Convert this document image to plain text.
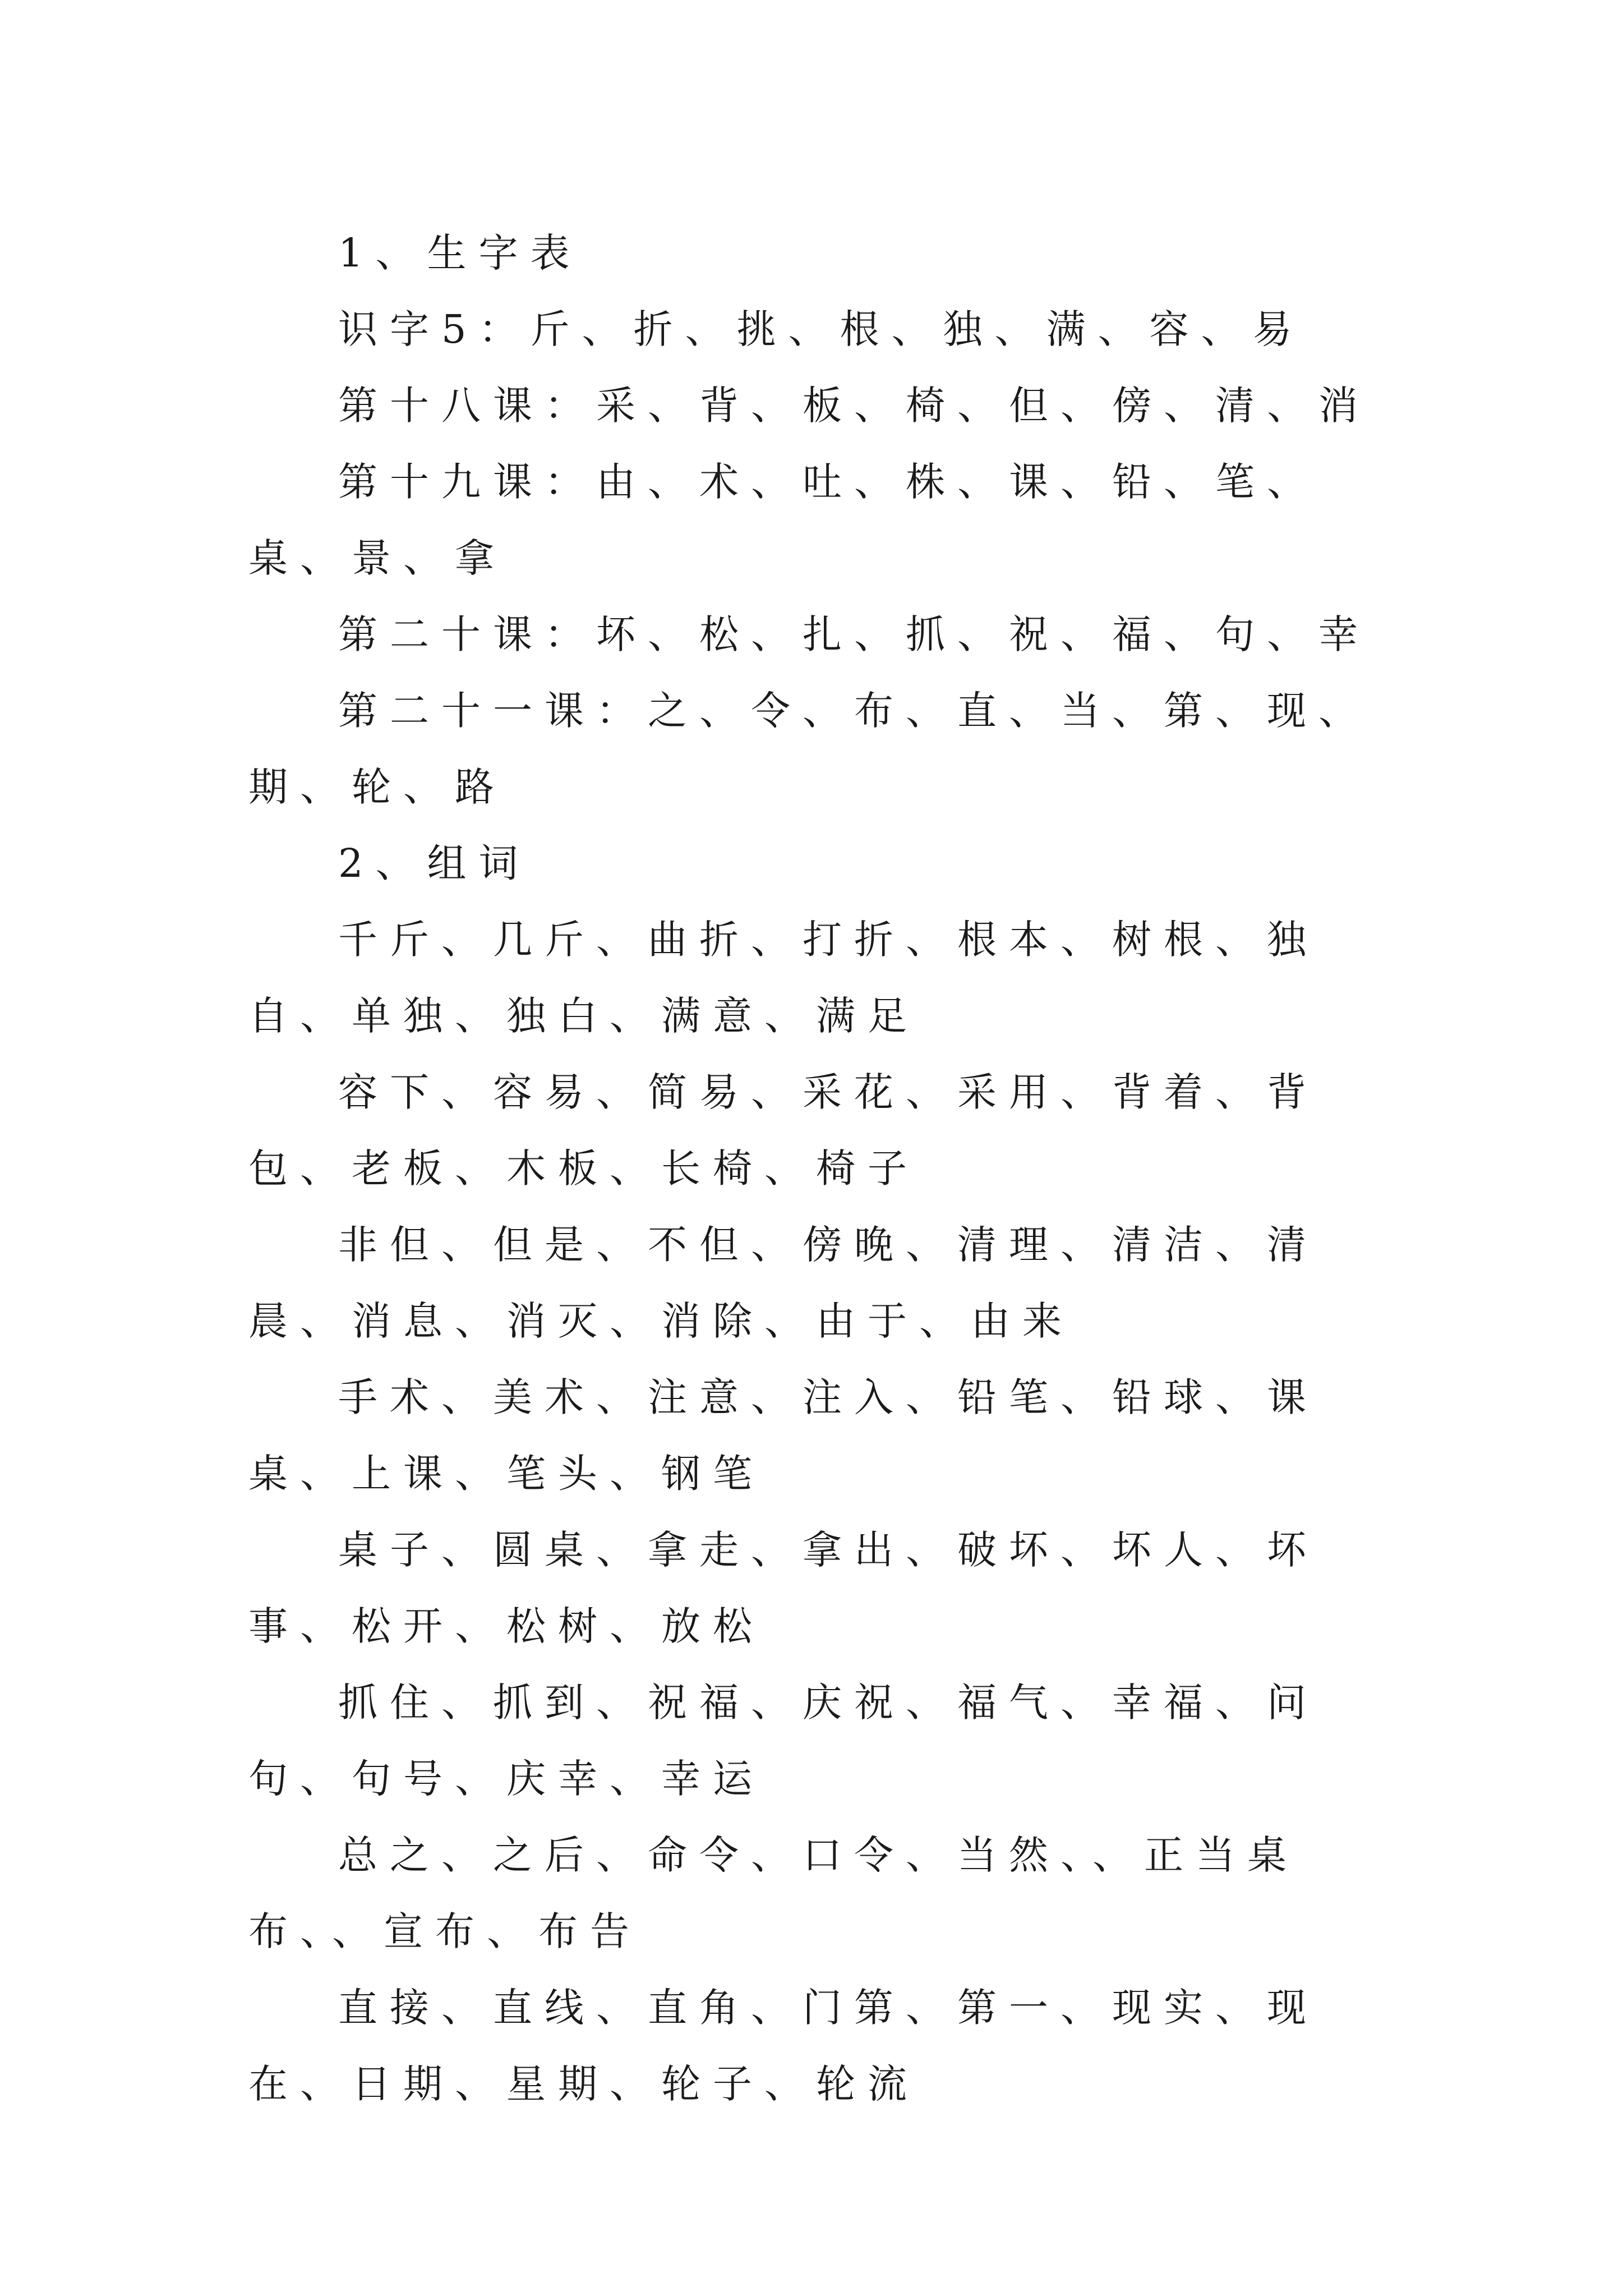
1、生字表

识字5：斤、折、挑、根、独、满、容、易

第十八课：采、背、板、椅、但、傍、清、消

第十九课：由、术、吐、株、课、铅、笔、桌、景、拿

第二十课：坏、松、扎、抓、祝、福、句、幸

第二十一课：之、令、布、直、当、第、现、期、轮、路

2、组词

千斤、几斤、曲折、打折、根本、树根、独自、单独、独白、满意、满足

容下、容易、简易、采花、采用、背着、背包、老板、木板、长椅、椅子

非但、但是、不但、傍晚、清理、清洁、清晨、消息、消灭、消除、由于、由来

手术、美术、注意、注入、铅笔、铅球、课桌、上课、笔头、钢笔

桌子、圆桌、拿走、拿出、破坏、坏人、坏事、松开、松树、放松

抓住、抓到、祝福、庆祝、福气、幸福、问句、句号、庆幸、幸运

总之、之后、命令、口令、当然、、正当桌布、、宣布、布告

直接、直线、直角、门第、第一、现实、现在、日期、星期、轮子、轮流
